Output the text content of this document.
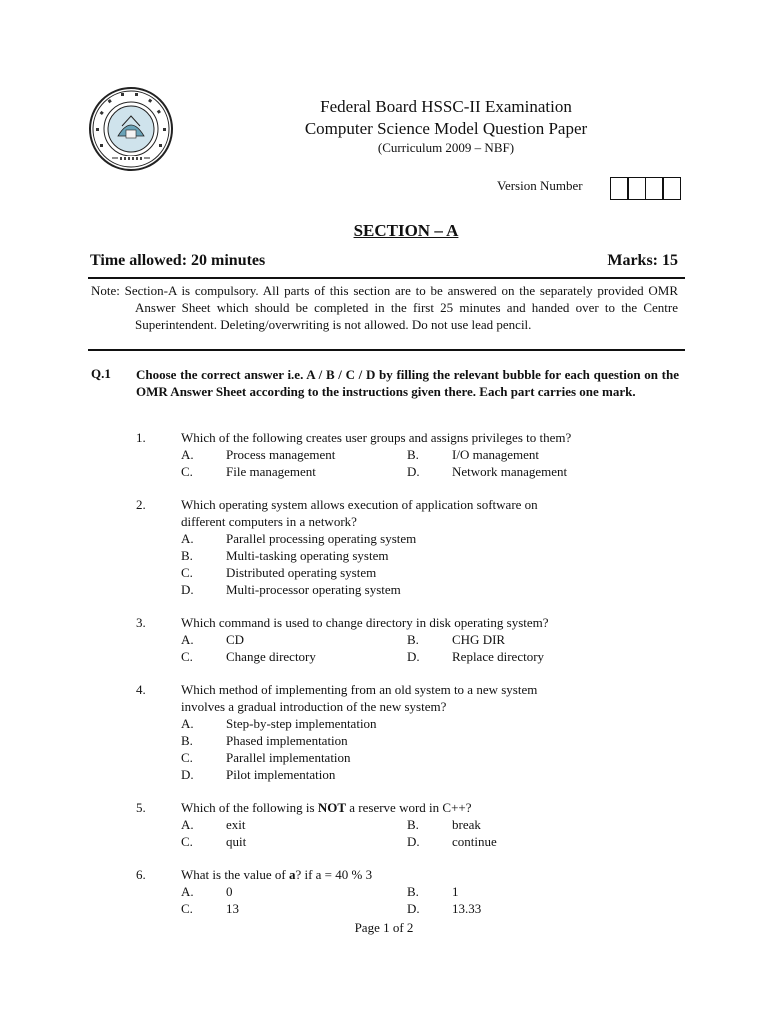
Federal Board HSSC-II Examination
Computer Science Model Question Paper
(Curriculum 2009 – NBF)
Version Number
SECTION – A
Time allowed: 20 minutes	Marks: 15
Note: Section-A is compulsory. All parts of this section are to be answered on the separately provided OMR Answer Sheet which should be completed in the first 25 minutes and handed over to the Centre Superintendent. Deleting/overwriting is not allowed. Do not use lead pencil.
Q.1 Choose the correct answer i.e. A / B / C / D by filling the relevant bubble for each question on the OMR Answer Sheet according to the instructions given there. Each part carries one mark.
1.	Which of the following creates user groups and assigns privileges to them?
A. Process management	B.	I/O management
C.	File management	D. Network management
2.	Which operating system allows execution of application software on
different computers in a network?
A. Parallel processing operating system
B.	Multi-tasking operating system
C.	Distributed operating system
D. Multi-processor operating system
3.	Which command is used to change directory in disk operating system?
A. CD	B.	CHG DIR
C.	Change directory	D. Replace directory
4.	Which method of implementing from an old system to a new system
involves a gradual introduction of the new system?
A. Step-by-step implementation
B.	Phased implementation
C.	Parallel implementation
D. Pilot implementation
5.	Which of the following is NOT a reserve word in C++?
A. exit	B.	break
C.	quit	D. continue
6.	What is the value of a? if a = 40 % 3
A. 0	B.	1
C.	13	D. 13.33
Page 1 of 2
